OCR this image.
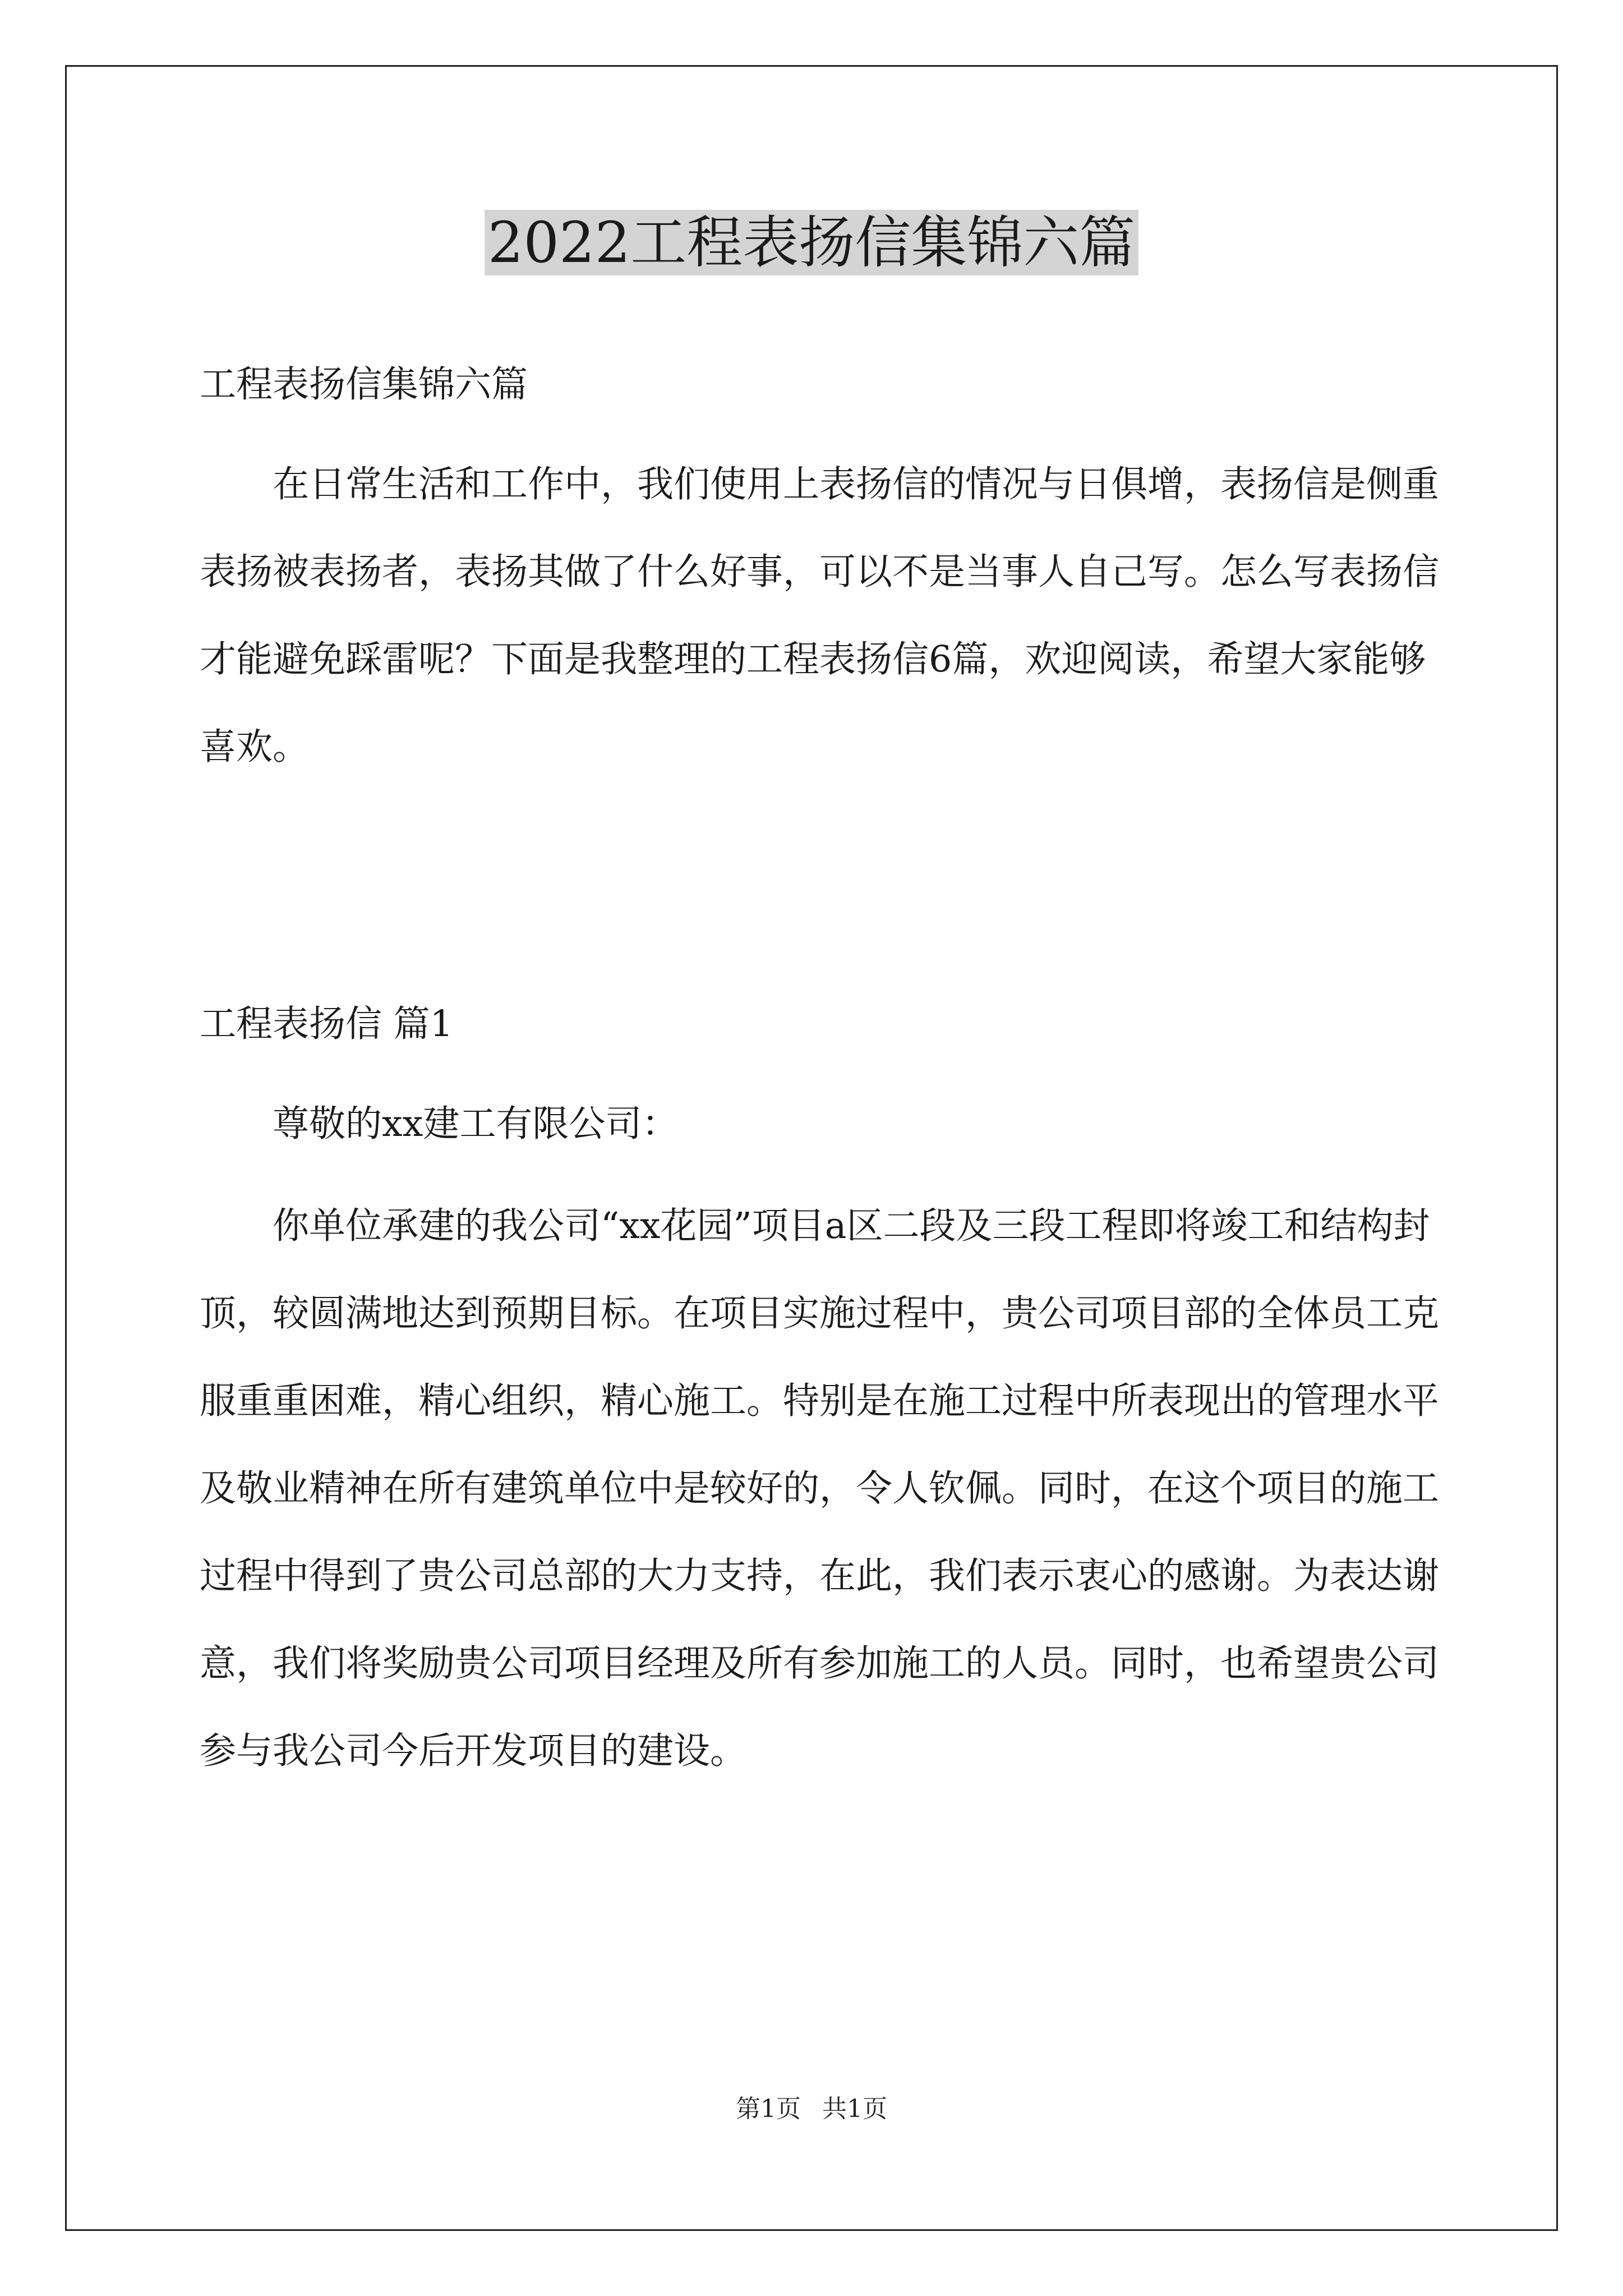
2022工程表扬信集锦六篇

工程表扬信集锦六篇

在日常生活和工作中，我们使用上表扬信的情况与日俱增，表扬信是侧重表扬被表扬者，表扬其做了什么好事，可以不是当事人自己写。怎么写表扬信才能避免踩雷呢？下面是我整理的工程表扬信6篇，欢迎阅读，希望大家能够喜欢。

工程表扬信 篇1

尊敬的xx建工有限公司：

你单位承建的我公司“xx花园”项目a区二段及三段工程即将竣工和结构封顶，较圆满地达到预期目标。在项目实施过程中，贵公司项目部的全体员工克服重重困难，精心组织，精心施工。特别是在施工过程中所表现出的管理水平及敬业精神在所有建筑单位中是较好的，令人钦佩。同时，在这个项目的施工过程中得到了贵公司总部的大力支持，在此，我们表示衷心的感谢。为表达谢意，我们将奖励贵公司项目经理及所有参加施工的人员。同时，也希望贵公司参与我公司今后开发项目的建设。

第1页 共1页
